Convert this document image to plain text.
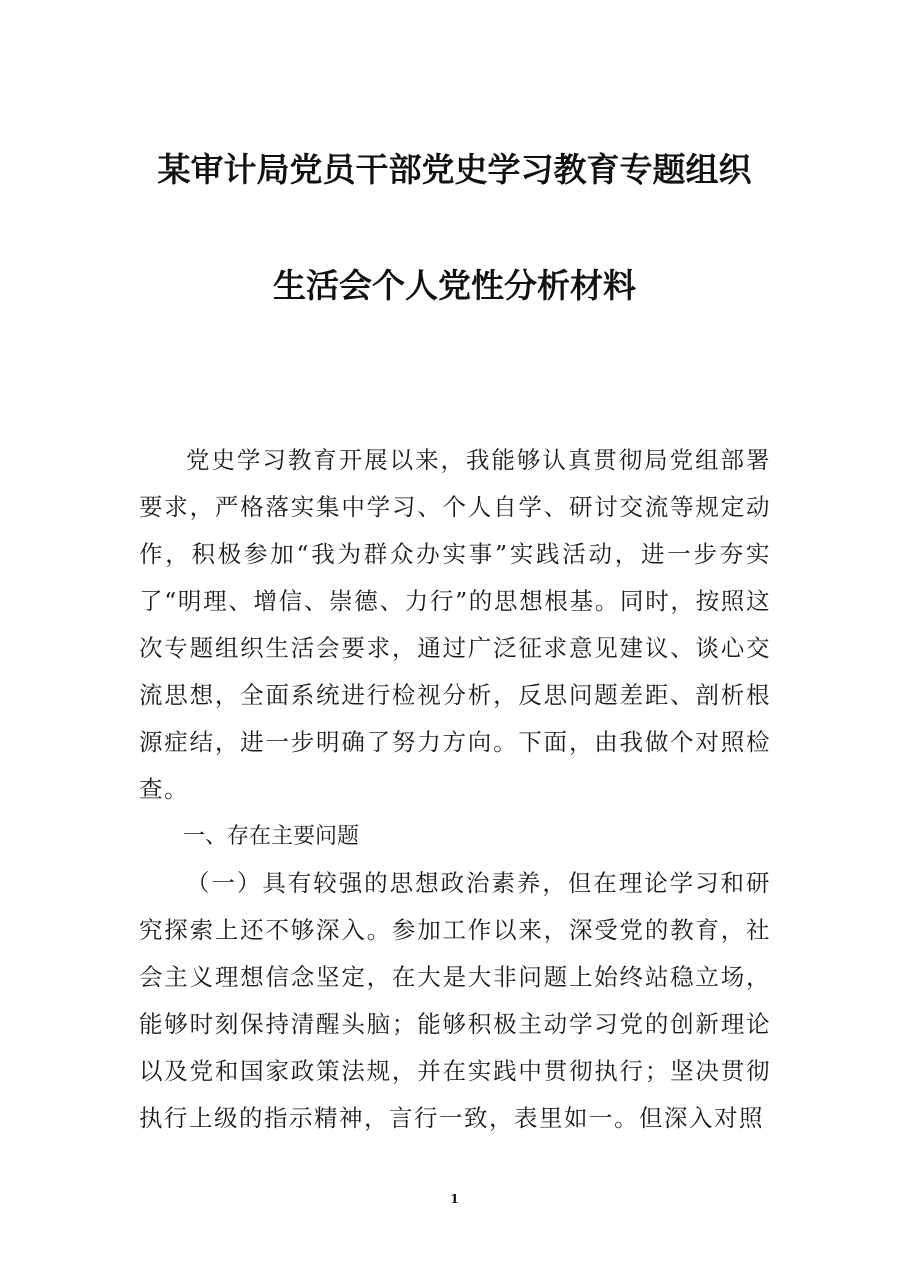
某审计局党员干部党史学习教育专题组织
生活会个人党性分析材料

党史学习教育开展以来，我能够认真贯彻局党组部署要求，严格落实集中学习、个人自学、研讨交流等规定动作，积极参加“我为群众办实事”实践活动，进一步夯实了“明理、增信、崇德、力行”的思想根基。同时，按照这次专题组织生活会要求，通过广泛征求意见建议、谈心交流思想，全面系统进行检视分析，反思问题差距、剖析根源症结，进一步明确了努力方向。下面，由我做个对照检查。

一、存在主要问题

（一）具有较强的思想政治素养，但在理论学习和研究探索上还不够深入。参加工作以来，深受党的教育，社会主义理想信念坚定，在大是大非问题上始终站稳立场，能够时刻保持清醒头脑；能够积极主动学习党的创新理论以及党和国家政策法规，并在实践中贯彻执行；坚决贯彻执行上级的指示精神，言行一致，表里如一。但深入对照

1
